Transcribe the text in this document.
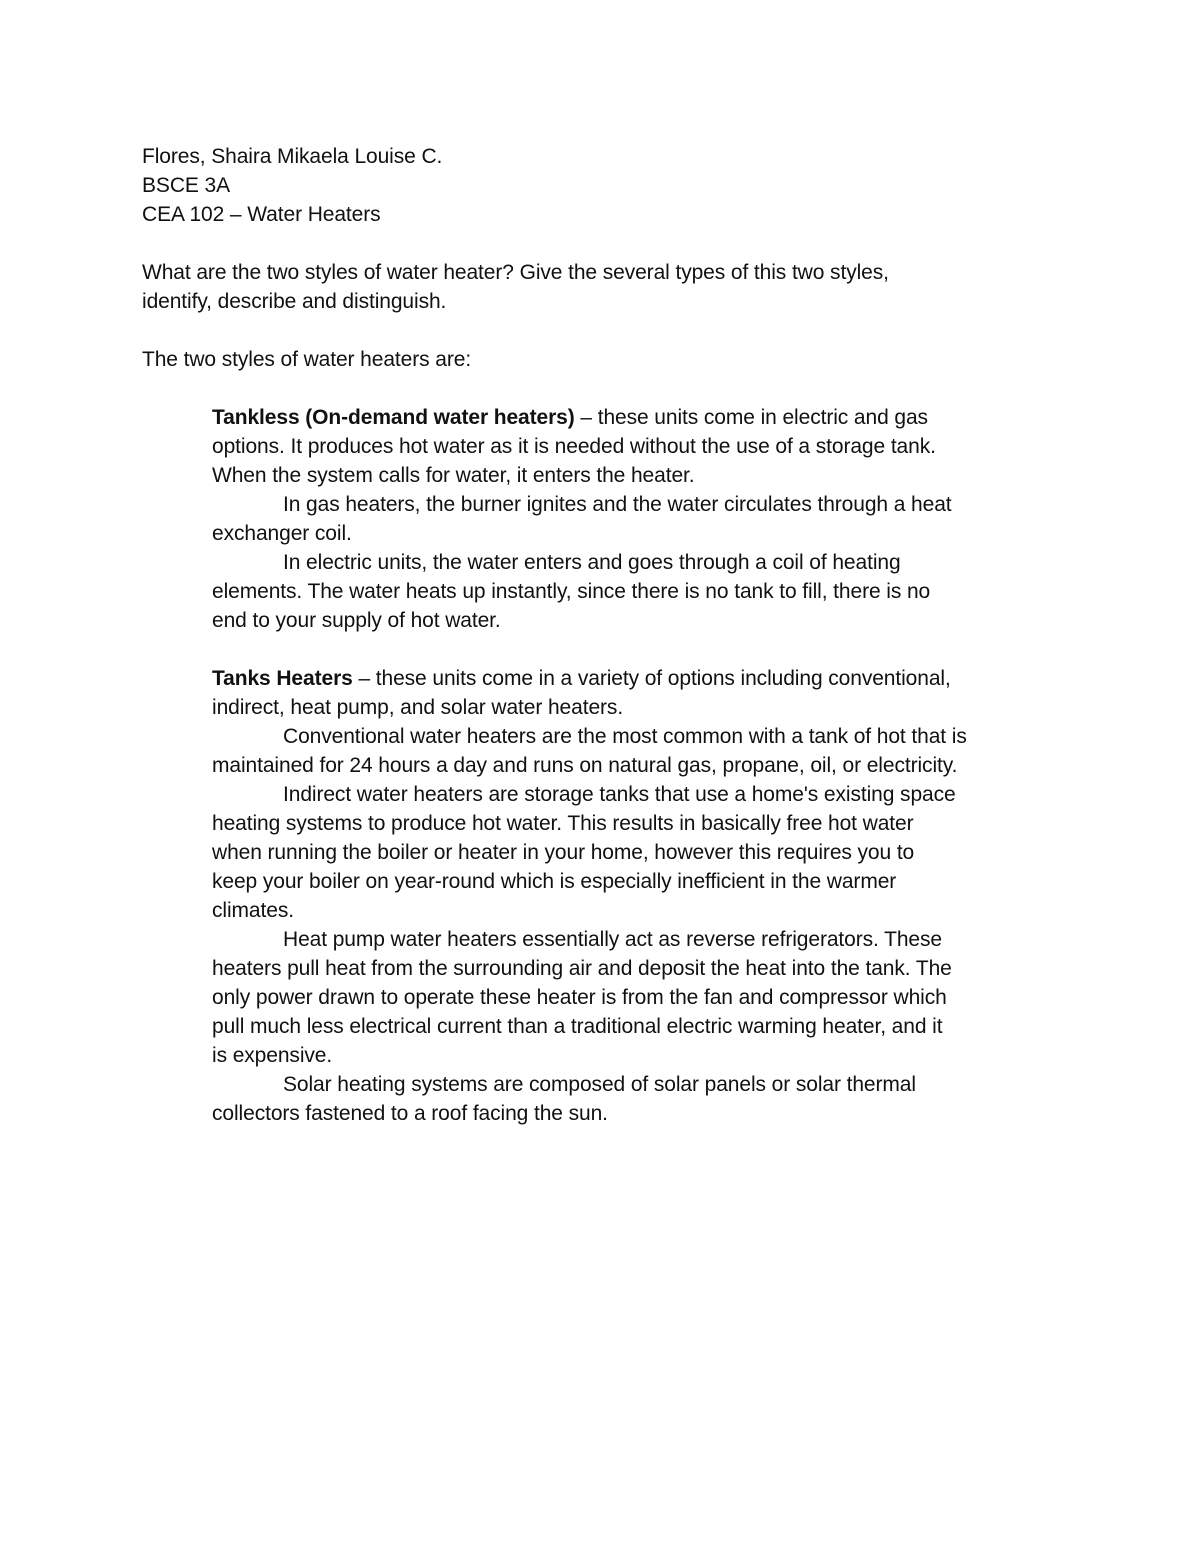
Flores, Shaira Mikaela Louise C.
BSCE 3A
CEA 102 – Water Heaters
What are the two styles of water heater? Give the several types of this two styles,
identify, describe and distinguish.
The two styles of water heaters are:
Tankless (On-demand water heaters) – these units come in electric and gas
options. It produces hot water as it is needed without the use of a storage tank.
When the system calls for water, it enters the heater.
In gas heaters, the burner ignites and the water circulates through a heat
exchanger coil.
In electric units, the water enters and goes through a coil of heating
elements. The water heats up instantly, since there is no tank to fill, there is no
end to your supply of hot water.
Tanks Heaters – these units come in a variety of options including conventional,
indirect, heat pump, and solar water heaters.
Conventional water heaters are the most common with a tank of hot that is
maintained for 24 hours a day and runs on natural gas, propane, oil, or electricity.
Indirect water heaters are storage tanks that use a home's existing space
heating systems to produce hot water. This results in basically free hot water
when running the boiler or heater in your home, however this requires you to
keep your boiler on year-round which is especially inefficient in the warmer
climates.
Heat pump water heaters essentially act as reverse refrigerators. These
heaters pull heat from the surrounding air and deposit the heat into the tank. The
only power drawn to operate these heater is from the fan and compressor which
pull much less electrical current than a traditional electric warming heater, and it
is expensive.
Solar heating systems are composed of solar panels or solar thermal
collectors fastened to a roof facing the sun.
